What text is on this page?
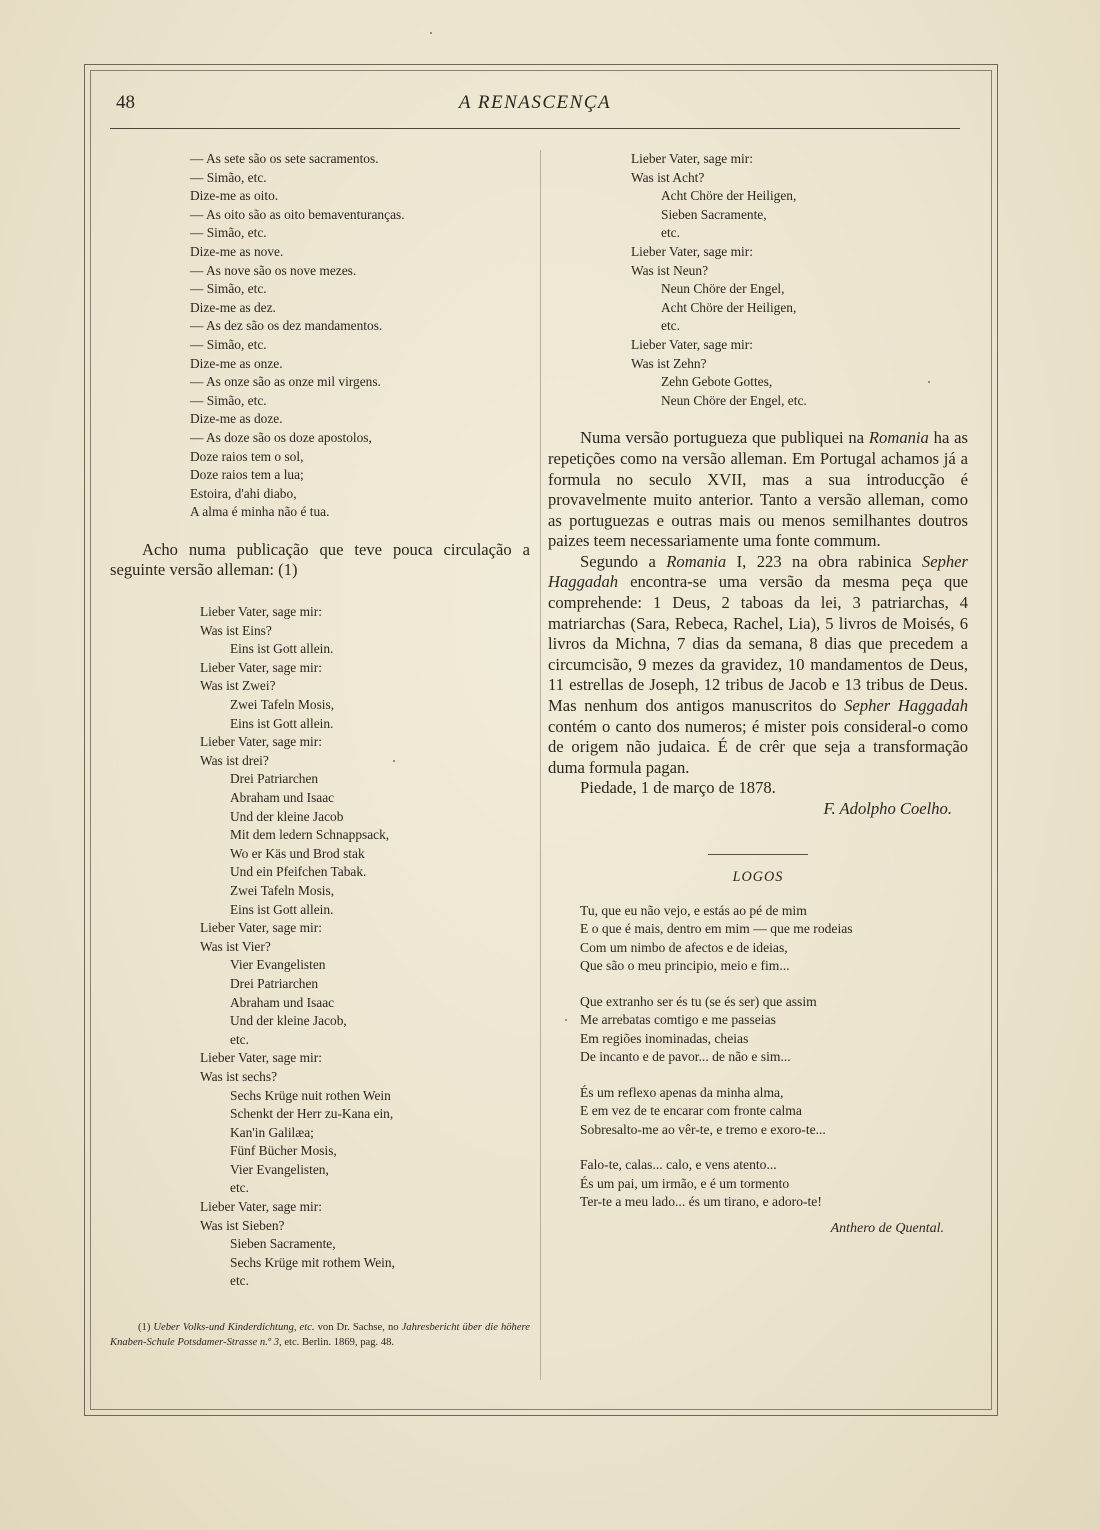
48	A RENASCENÇA
— As sete são os sete sacramentos.
— Simão, etc.
Dize-me as oito.
— As oito são as oito bemaventuranças.
— Simão, etc.
Dize-me as nove.
— As nove são os nove mezes.
— Simão, etc.
Dize-me as dez.
— As dez são os dez mandamentos.
— Simão, etc.
Dize-me as onze.
— As onze são as onze mil virgens.
— Simão, etc.
Dize-me as doze.
— As doze são os doze apostolos,
Doze raios tem o sol,
Doze raios tem a lua;
Estoira, d'ahi diabo,
A alma é minha não é tua.

Acho numa publicação que teve pouca circulação a seguinte versão alleman: (1)

Lieber Vater, sage mir:
Was ist Eins?
Eins ist Gott allein.
Lieber Vater, sage mir:
Was ist Zwei?
Zwei Tafeln Mosis,
Eins ist Gott allein.
Lieber Vater, sage mir:
Was ist drei?
Drei Patriarchen
Abraham und Isaac
Und der kleine Jacob
Mit dem ledern Schnappsack,
Wo er Käs und Brod stak
Und ein Pfeifchen Tabak.
Zwei Tafeln Mosis,
Eins ist Gott allein.
Lieber Vater, sage mir:
Was ist Vier?
Vier Evangelisten
Drei Patriarchen
Abraham und Isaac
Und der kleine Jacob,
etc.
Lieber Vater, sage mir:
Was ist sechs?
Sechs Krüge nuit rothen Wein
Schenkt der Herr zu-Kana ein,
Kan'in Galilæa;
Fünf Bücher Mosis,
Vier Evangelisten,
etc.
Lieber Vater, sage mir:
Was ist Sieben?
Sieben Sacramente,
Sechs Krüge mit rothem Wein,
etc.
(1) Ueber Volks-und Kinderdichtung, etc. von Dr. Sachse, no Jahresbericht über die höhere Knaben-Schule Potsdamer-Strasse n.º 3, etc. Berlin. 1869, pag. 48.
Lieber Vater, sage mir:
Was ist Acht?
Acht Chöre der Heiligen,
Sieben Sacramente,
etc.
Lieber Vater, sage mir:
Was ist Neun?
Neun Chöre der Engel,
Acht Chöre der Heiligen,
etc.
Lieber Vater, sage mir:
Was ist Zehn?
Zehn Gebote Gottes,
Neun Chöre der Engel, etc.

Numa versão portugueza que publiquei na Romania ha as repetições como na versão alleman. Em Portugal achamos já a formula no seculo XVII, mas a sua introducção é provavelmente muito anterior. Tanto a versão alleman, como as portuguezas e outras mais ou menos semilhantes doutros paizes teem necessariamente uma fonte commum.

Segundo a Romania I, 223 na obra rabinica Sepher Haggadah encontra-se uma versão da mesma peça que comprehende: 1 Deus, 2 taboas da lei, 3 patriarchas, 4 matriarchas (Sara, Rebeca, Rachel, Lia), 5 livros de Moisés, 6 livros da Michna, 7 dias da semana, 8 dias que precedem a circumcisão, 9 mezes da gravidez, 10 mandamentos de Deus, 11 estrellas de Joseph, 12 tribus de Jacob e 13 tribus de Deus. Mas nenhum dos antigos manuscritos do Sepher Haggadah contém o canto dos numeros; é mister pois consideral-o como de origem não judaica. É de crêr que seja a transformação duma formula pagan.

Piedade, 1 de março de 1878.
F. Adolpho Coelho.
LOGOS
Tu, que eu não vejo, e estás ao pé de mim
E o que é mais, dentro em mim — que me rodeias
Com um nimbo de afectos e de ideias,
Que são o meu principio, meio e fim...
Que extranho ser és tu (se és ser) que assim
Me arrebatas comtigo e me passeias
Em regiões inominadas, cheias
De incanto e de pavor... de não e sim...
És um reflexo apenas da minha alma,
E em vez de te encarar com fronte calma
Sobresalto-me ao vêr-te, e tremo e exoro-te...
Falo-te, calas... calo, e vens atento...
És um pai, um irmão, e é um tormento
Ter-te a meu lado... és um tirano, e adoro-te!
Anthero de Quental.
